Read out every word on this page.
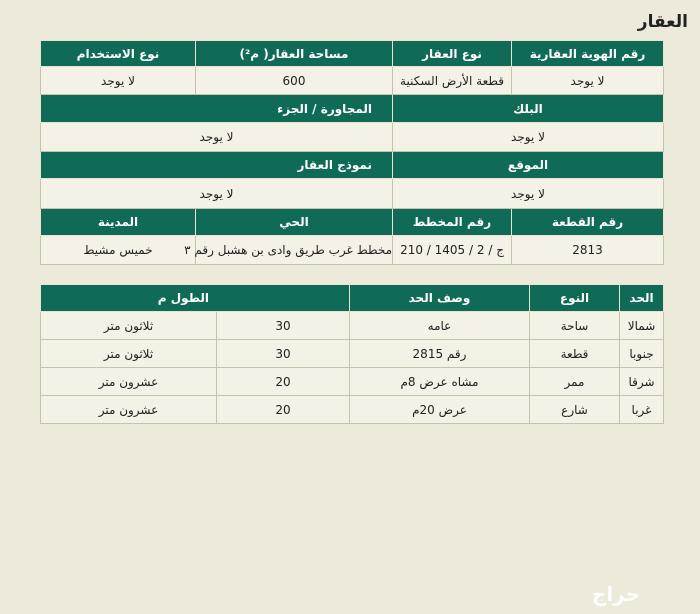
العقار
رقم الهوية العقارية	نوع العقار	مساحة العقار( م²)	نوع الاستخدام
لا يوجد	قطعة الأرض السكنية	600	لا يوجد
البلك		المجاورة / الجزء	
لا يوجد		لا يوجد	
الموقع		نموذج العقار	
لا يوجد		لا يوجد	
رقم القطعة	رقم المخطط	الحي	المدينة
2813	210 / 1405 / ج / 2	مخطط غرب طريق وادى بن هشبل رقم ٣	خميس مشيط
الحد	النوع	وصف الحد	الطول م	
شمالا	ساحة	عامه	30	ثلاثون متر
جنوبا	قطعة	رقم 2815	30	ثلاثون متر
شرقا	ممر	مشاه عرض 8م	20	عشرون متر
غربا	شارع	عرض 20م	20	عشرون متر
حراج
